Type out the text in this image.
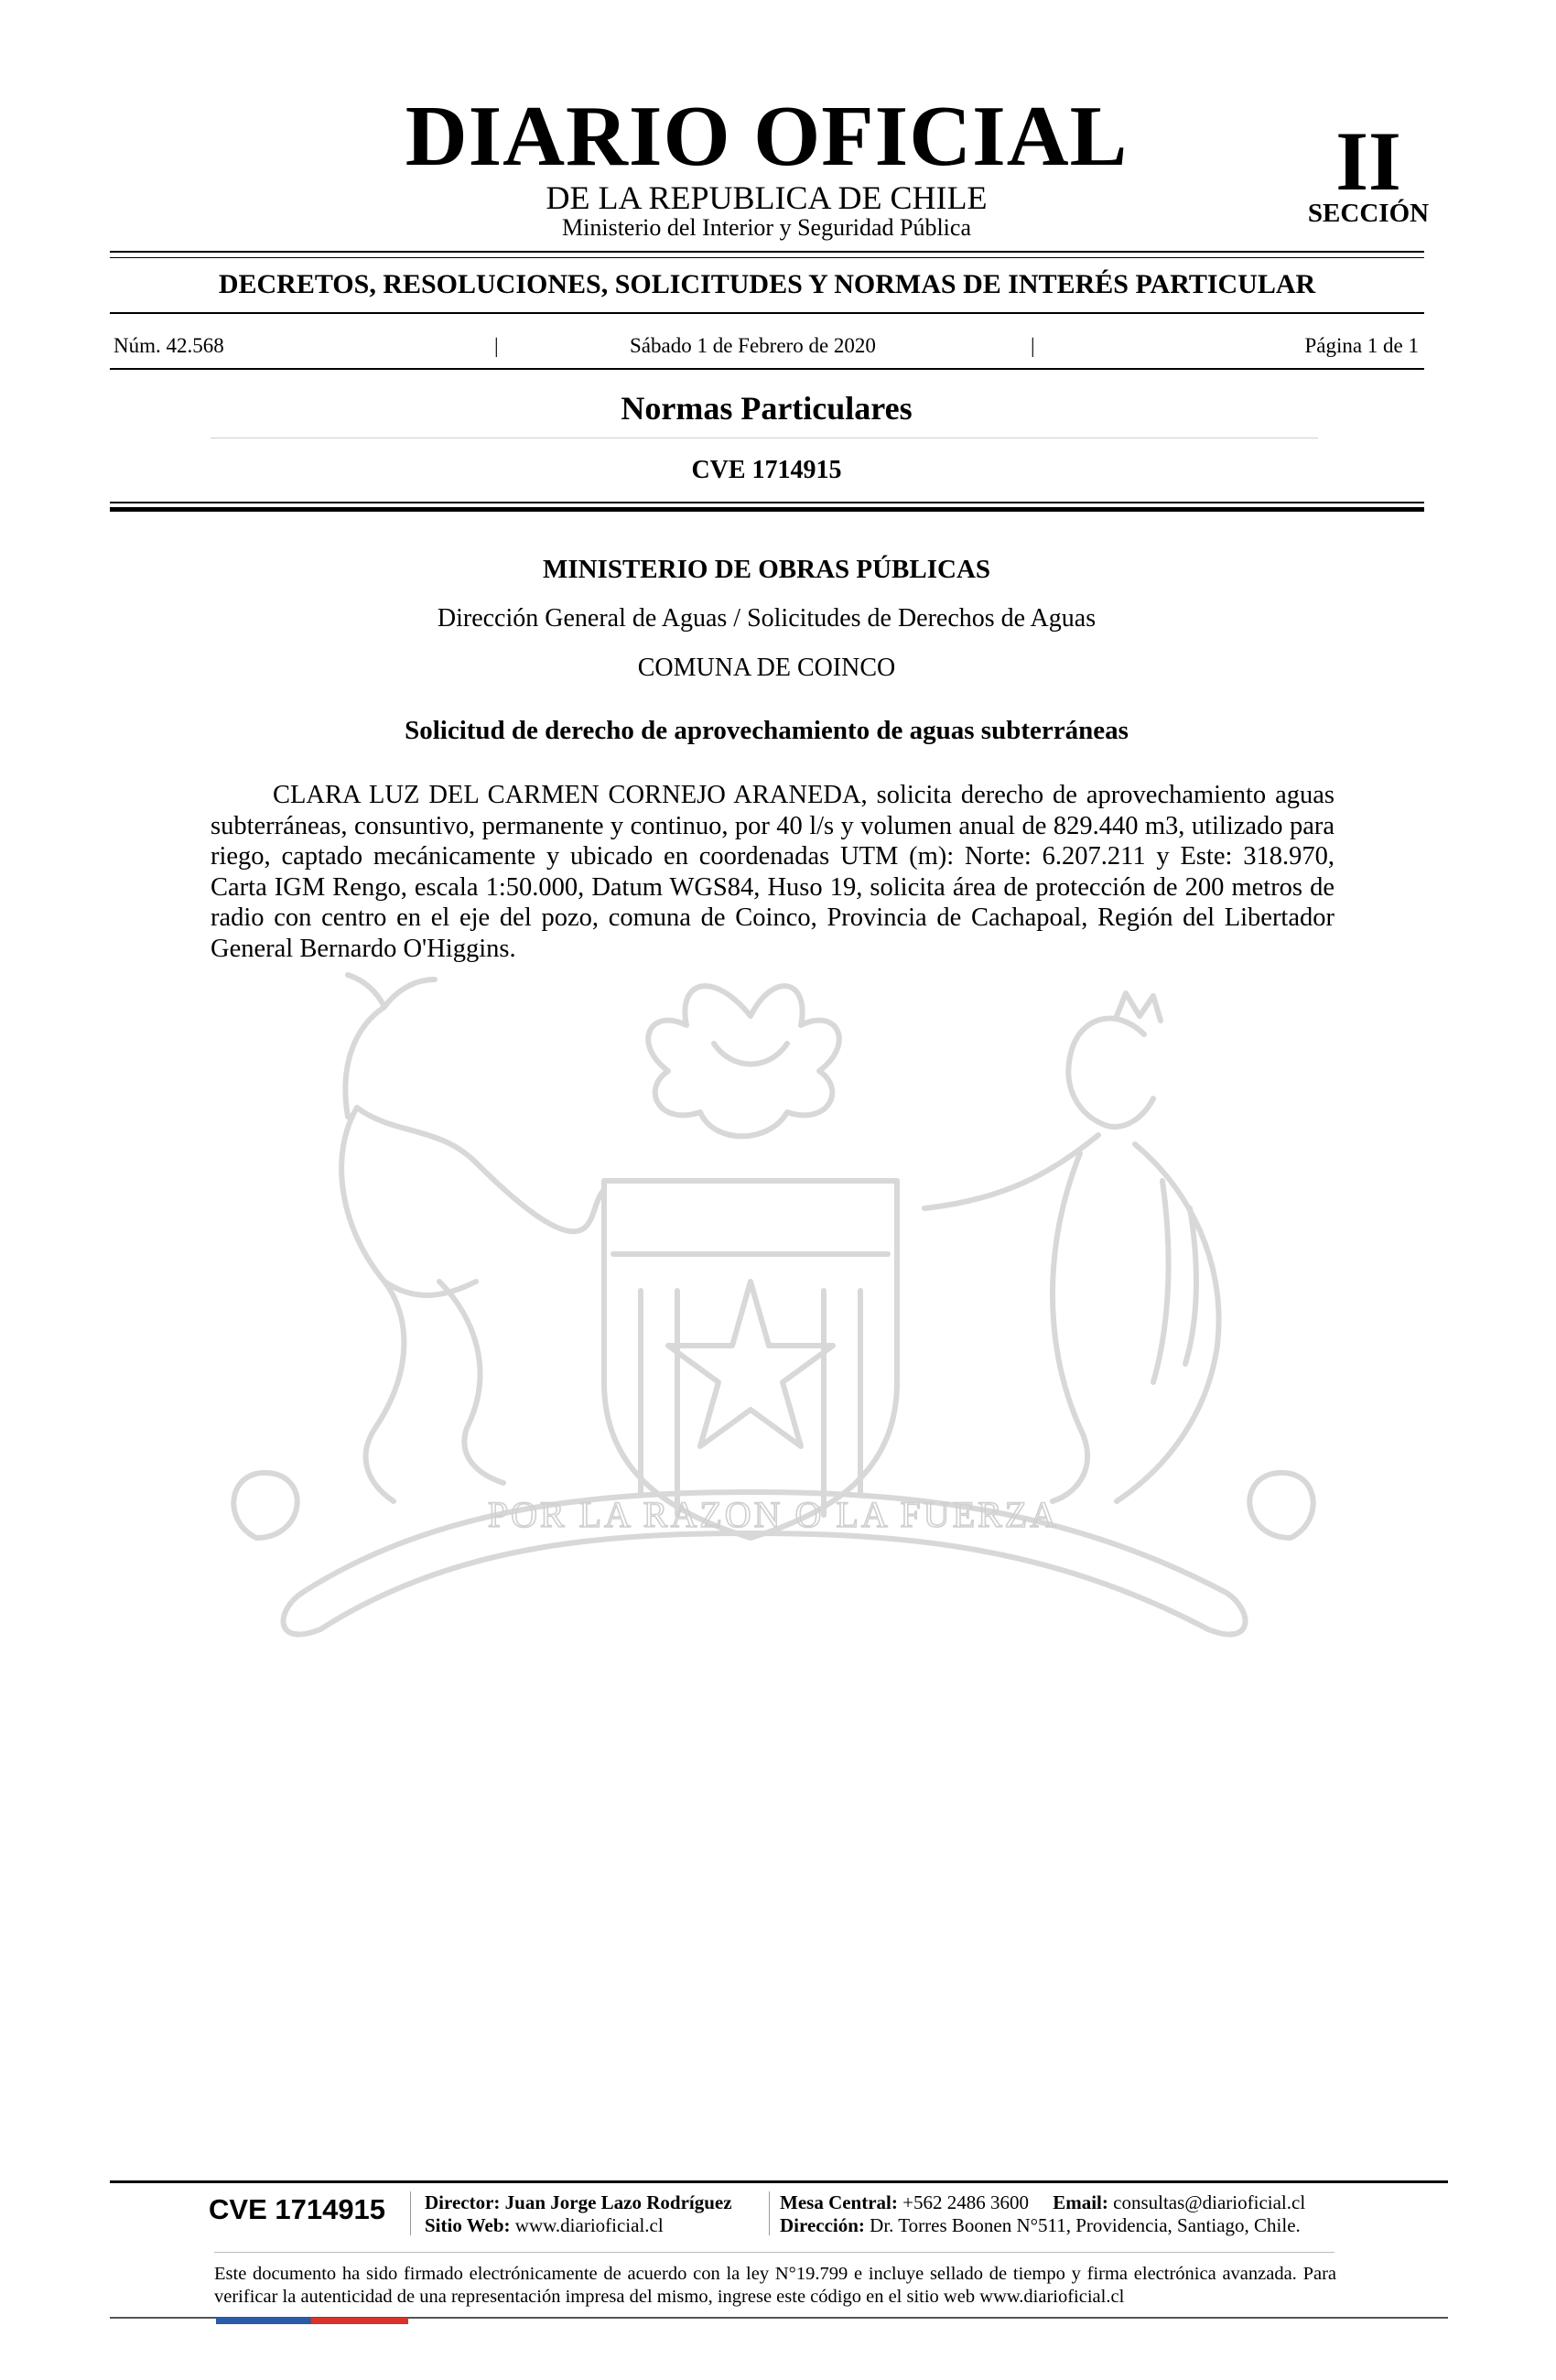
DIARIO OFICIAL
DE LA REPUBLICA DE CHILE
Ministerio del Interior y Seguridad Pública
II
SECCIÓN
DECRETOS, RESOLUCIONES, SOLICITUDES Y NORMAS DE INTERÉS PARTICULAR
Núm. 42.568	|	Sábado 1 de Febrero de 2020	|	Página 1 de 1
Normas Particulares
CVE 1714915
POR LA RAZON O LA FUERZA
MINISTERIO DE OBRAS PÚBLICAS
Dirección General de Aguas / Solicitudes de Derechos de Aguas
COMUNA DE COINCO
Solicitud de derecho de aprovechamiento de aguas subterráneas
CLARA LUZ DEL CARMEN CORNEJO ARANEDA, solicita derecho de aprovechamiento aguas subterráneas, consuntivo, permanente y continuo, por 40 l/s y volumen anual de 829.440 m3, utilizado para riego, captado mecánicamente y ubicado en coordenadas UTM (m): Norte: 6.207.211 y Este: 318.970, Carta IGM Rengo, escala 1:50.000, Datum WGS84, Huso 19, solicita área de protección de 200 metros de radio con centro en el eje del pozo, comuna de Coinco, Provincia de Cachapoal, Región del Libertador General Bernardo O'Higgins.
CVE 1714915 Director: Juan Jorge Lazo Rodríguez
Sitio Web: www.diarioficial.cl
Mesa Central: +562 2486 3600 Email: consultas@diarioficial.cl
Dirección: Dr. Torres Boonen N°511, Providencia, Santiago, Chile.
Este documento ha sido firmado electrónicamente de acuerdo con la ley N°19.799 e incluye sellado de tiempo y firma electrónica avanzada. Para verificar la autenticidad de una representación impresa del mismo, ingrese este código en el sitio web www.diarioficial.cl
